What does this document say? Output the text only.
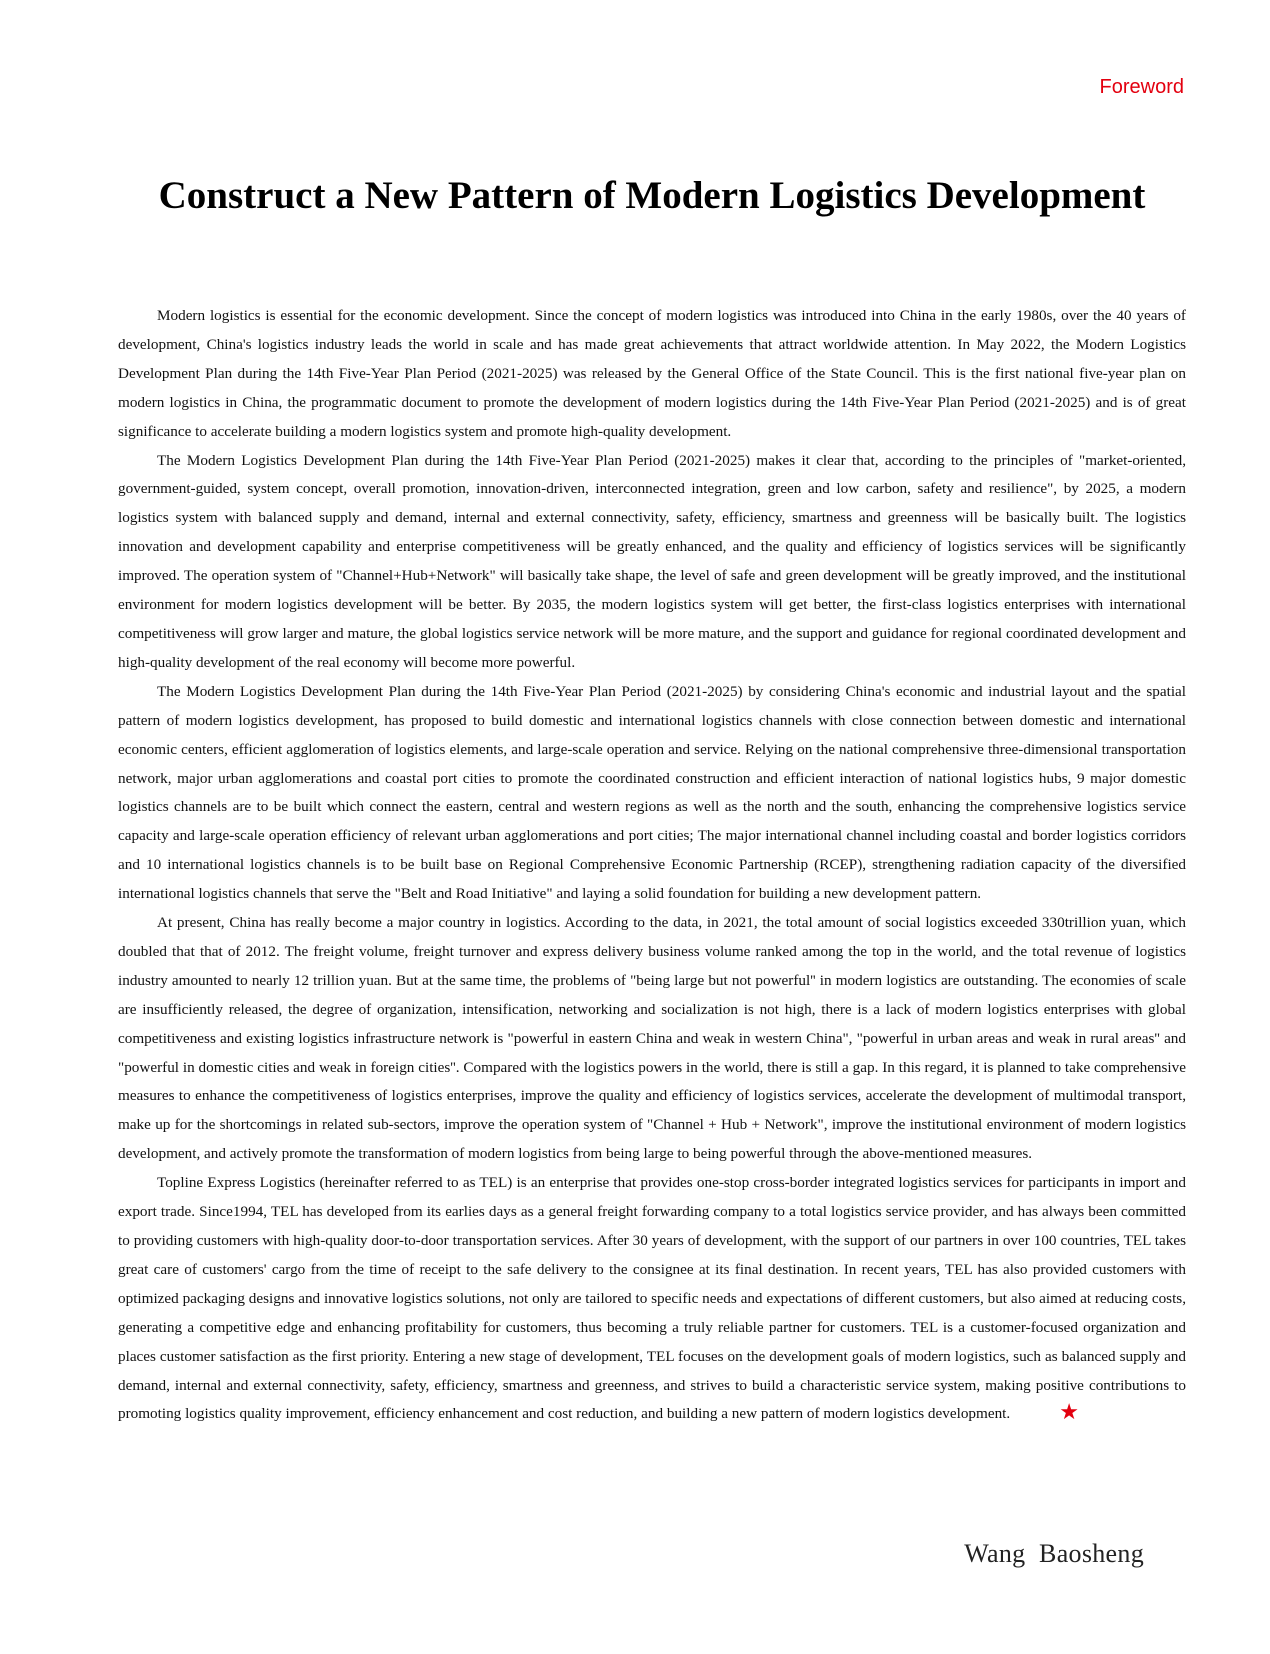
Foreword
Construct a New Pattern of Modern Logistics Development

Modern logistics is essential for the economic development. Since the concept of modern logistics was introduced into China in the early 1980s, over the 40 years of development, China's logistics industry leads the world in scale and has made great achievements that attract worldwide attention. In May 2022, the Modern Logistics Development Plan during the 14th Five-Year Plan Period (2021-2025) was released by the General Office of the State Council. This is the first national five-year plan on modern logistics in China, the programmatic document to promote the development of modern logistics during the 14th Five-Year Plan Period (2021-2025) and is of great significance to accelerate building a modern logistics system and promote high-quality development.

The Modern Logistics Development Plan during the 14th Five-Year Plan Period (2021-2025) makes it clear that, according to the principles of "market-oriented, government-guided, system concept, overall promotion, innovation-driven, interconnected integration, green and low carbon, safety and resilience", by 2025, a modern logistics system with balanced supply and demand, internal and external connectivity, safety, efficiency, smartness and greenness will be basically built. The logistics innovation and development capability and enterprise competitiveness will be greatly enhanced, and the quality and efficiency of logistics services will be significantly improved. The operation system of "Channel+Hub+Network" will basically take shape, the level of safe and green development will be greatly improved, and the institutional environment for modern logistics development will be better. By 2035, the modern logistics system will get better, the first-class logistics enterprises with international competitiveness will grow larger and mature, the global logistics service network will be more mature, and the support and guidance for regional coordinated development and high-quality development of the real economy will become more powerful.

The Modern Logistics Development Plan during the 14th Five-Year Plan Period (2021-2025) by considering China's economic and industrial layout and the spatial pattern of modern logistics development, has proposed to build domestic and international logistics channels with close connection between domestic and international economic centers, efficient agglomeration of logistics elements, and large-scale operation and service. Relying on the national comprehensive three-dimensional transportation network, major urban agglomerations and coastal port cities to promote the coordinated construction and efficient interaction of national logistics hubs, 9 major domestic logistics channels are to be built which connect the eastern, central and western regions as well as the north and the south, enhancing the comprehensive logistics service capacity and large-scale operation efficiency of relevant urban agglomerations and port cities; The major international channel including coastal and border logistics corridors and 10 international logistics channels is to be built base on Regional Comprehensive Economic Partnership (RCEP), strengthening radiation capacity of the diversified international logistics channels that serve the "Belt and Road Initiative" and laying a solid foundation for building a new development pattern.

At present, China has really become a major country in logistics. According to the data, in 2021, the total amount of social logistics exceeded 330trillion yuan, which doubled that that of 2012. The freight volume, freight turnover and express delivery business volume ranked among the top in the world, and the total revenue of logistics industry amounted to nearly 12 trillion yuan. But at the same time, the problems of "being large but not powerful'' in modern logistics are outstanding. The economies of scale are insufficiently released, the degree of organization, intensification, networking and socialization is not high, there is a lack of modern logistics enterprises with global competitiveness and existing logistics infrastructure network is "powerful in eastern China and weak in western China", "powerful in urban areas and weak in rural areas'' and "powerful in domestic cities and weak in foreign cities''. Compared with the logistics powers in the world, there is still a gap. In this regard, it is planned to take comprehensive measures to enhance the competitiveness of logistics enterprises, improve the quality and efficiency of logistics services, accelerate the development of multimodal transport, make up for the shortcomings in related sub-sectors, improve the operation system of "Channel + Hub + Network", improve the institutional environment of modern logistics development, and actively promote the transformation of modern logistics from being large to being powerful through the above-mentioned measures.

Topline Express Logistics (hereinafter referred to as TEL) is an enterprise that provides one-stop cross-border integrated logistics services for participants in import and export trade. Since1994, TEL has developed from its earlies days as a general freight forwarding company to a total logistics service provider, and has always been committed to providing customers with high-quality door-to-door transportation services. After 30 years of development, with the support of our partners in over 100 countries, TEL takes great care of customers' cargo from the time of receipt to the safe delivery to the consignee at its final destination. In recent years, TEL has also provided customers with optimized packaging designs and innovative logistics solutions, not only are tailored to specific needs and expectations of different customers, but also aimed at reducing costs, generating a competitive edge and enhancing profitability for customers, thus becoming a truly reliable partner for customers. TEL is a customer-focused organization and places customer satisfaction as the first priority. Entering a new stage of development, TEL focuses on the development goals of modern logistics, such as balanced supply and demand, internal and external connectivity, safety, efficiency, smartness and greenness, and strives to build a characteristic service system, making positive contributions to promoting logistics quality improvement, efficiency enhancement and cost reduction, and building a new pattern of modern logistics development. ★

Wang  Baosheng
